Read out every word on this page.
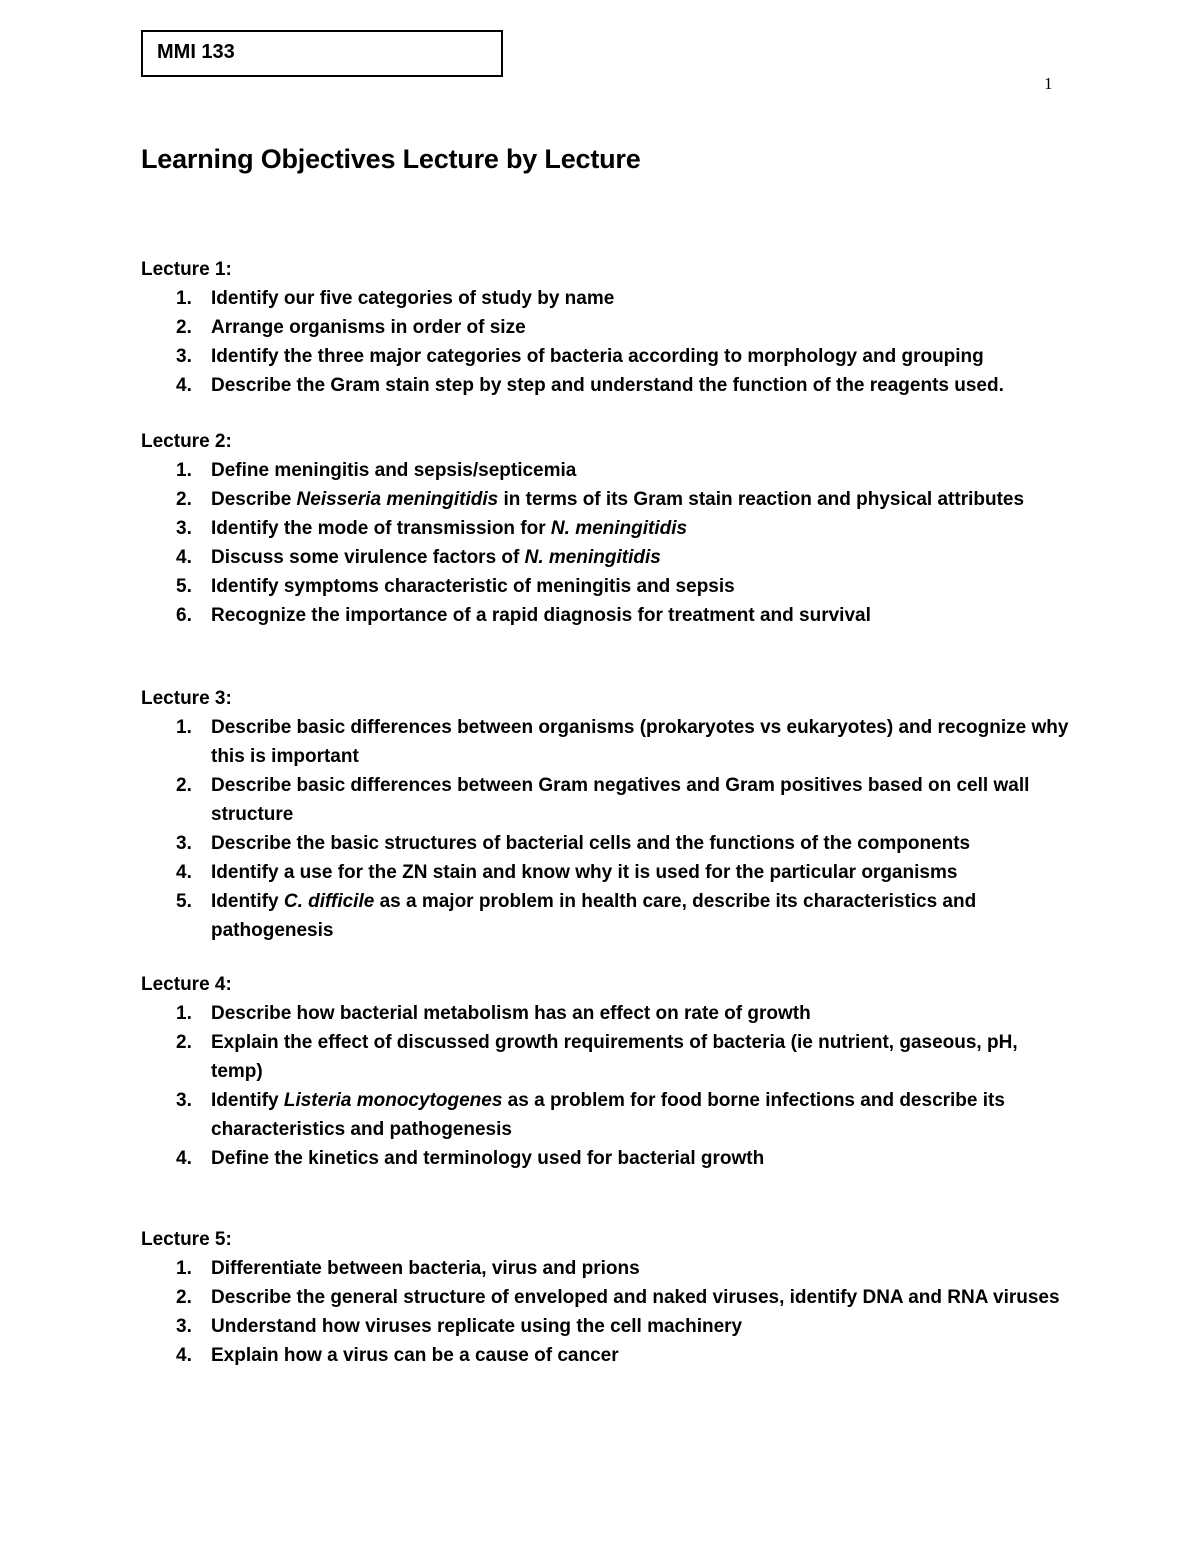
MMI 133
1
Learning Objectives Lecture by Lecture
Lecture 1:
1. Identify our five categories of study by name
2. Arrange organisms in order of size
3. Identify the three major categories of bacteria according to morphology and grouping
4. Describe the Gram stain step by step and understand the function of the reagents used.
Lecture 2:
1. Define meningitis and sepsis/septicemia
2. Describe Neisseria meningitidis in terms of its Gram stain reaction and physical attributes
3. Identify the mode of transmission for N. meningitidis
4. Discuss some virulence factors of N. meningitidis
5. Identify symptoms characteristic of meningitis and sepsis
6. Recognize the importance of a rapid diagnosis for treatment and survival
Lecture 3:
1. Describe basic differences between organisms (prokaryotes vs eukaryotes) and recognize why this is important
2. Describe basic differences between Gram negatives and Gram positives based on cell wall structure
3. Describe the basic structures of bacterial cells and the functions of the components
4. Identify a use for the ZN stain and know why it is used for the particular organisms
5. Identify C. difficile as a major problem in health care, describe its characteristics and pathogenesis
Lecture 4:
1. Describe how bacterial metabolism has an effect on rate of growth
2. Explain the effect of discussed growth requirements of bacteria (ie nutrient, gaseous, pH, temp)
3. Identify Listeria monocytogenes as a problem for food borne infections and describe its characteristics and pathogenesis
4. Define the kinetics and terminology used for bacterial growth
Lecture 5:
1. Differentiate between bacteria, virus and prions
2. Describe the general structure of enveloped and naked viruses, identify DNA and RNA viruses
3. Understand how viruses replicate using the cell machinery
4. Explain how a virus can be a cause of cancer
